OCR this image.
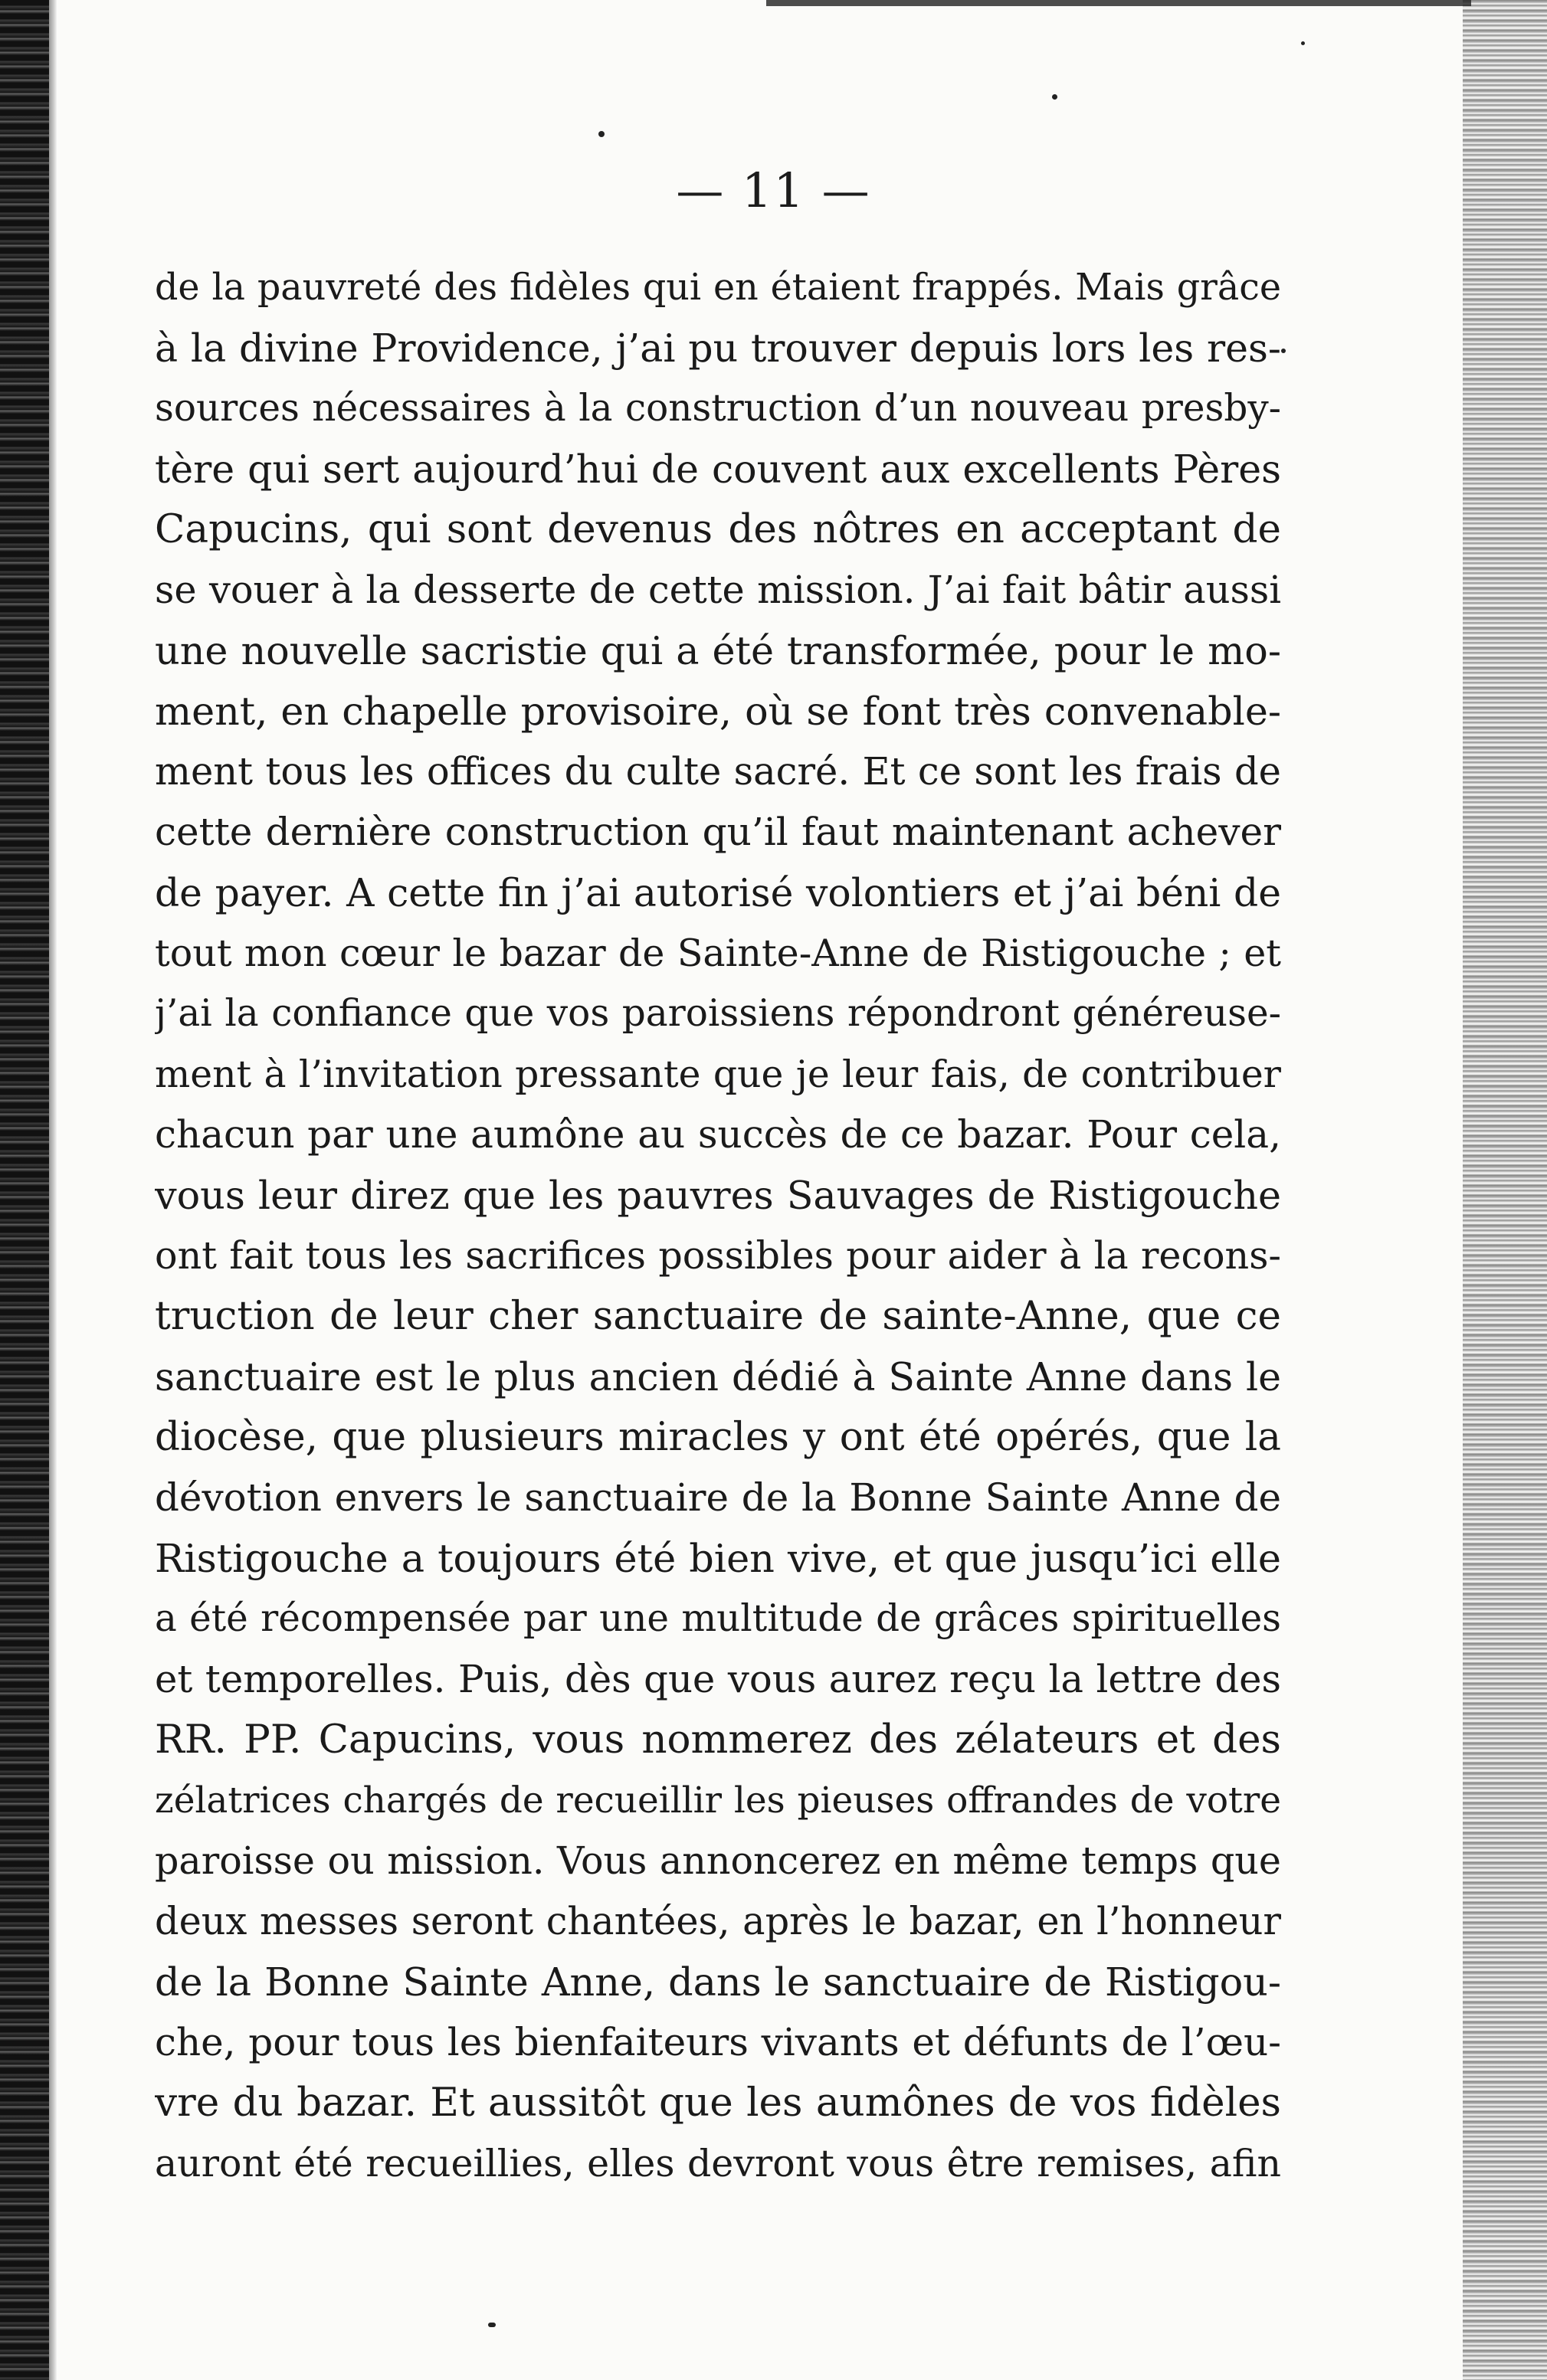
— 11 —
de la pauvreté des fidèles qui en étaient frappés. Mais grâce
à la divine Providence, j’ai pu trouver depuis lors les res-
sources nécessaires à la construction d’un nouveau presby-
tère qui sert aujourd’hui de couvent aux excellents Pères
Capucins, qui sont devenus des nôtres en acceptant de
se vouer à la desserte de cette mission. J’ai fait bâtir aussi
une nouvelle sacristie qui a été transformée, pour le mo-
ment, en chapelle provisoire, où se font très convenable-
ment tous les offices du culte sacré. Et ce sont les frais de
cette dernière construction qu’il faut maintenant achever
de payer. A cette fin j’ai autorisé volontiers et j’ai béni de
tout mon cœur le bazar de Sainte-Anne de Ristigouche ; et
j’ai la confiance que vos paroissiens répondront généreuse-
ment à l’invitation pressante que je leur fais, de contribuer
chacun par une aumône au succès de ce bazar. Pour cela,
vous leur direz que les pauvres Sauvages de Ristigouche
ont fait tous les sacrifices possibles pour aider à la recons-
truction de leur cher sanctuaire de sainte-Anne, que ce
sanctuaire est le plus ancien dédié à Sainte Anne dans le
diocèse, que plusieurs miracles y ont été opérés, que la
dévotion envers le sanctuaire de la Bonne Sainte Anne de
Ristigouche a toujours été bien vive, et que jusqu’ici elle
a été récompensée par une multitude de grâces spirituelles
et temporelles. Puis, dès que vous aurez reçu la lettre des
RR. PP. Capucins, vous nommerez des zélateurs et des
zélatrices chargés de recueillir les pieuses offrandes de votre
paroisse ou mission. Vous annoncerez en même temps que
deux messes seront chantées, après le bazar, en l’honneur
de la Bonne Sainte Anne, dans le sanctuaire de Ristigou-
che, pour tous les bienfaiteurs vivants et défunts de l’œu-
vre du bazar. Et aussitôt que les aumônes de vos fidèles
auront été recueillies, elles devront vous être remises, afin
